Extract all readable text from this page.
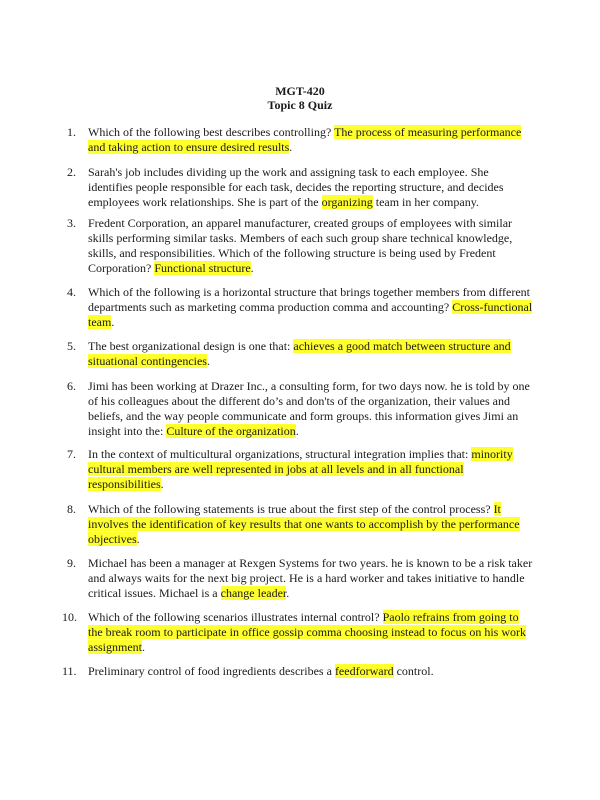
MGT-420
Topic 8 Quiz
1. Which of the following best describes controlling? The process of measuring performance and taking action to ensure desired results.
2. Sarah's job includes dividing up the work and assigning task to each employee. She identifies people responsible for each task, decides the reporting structure, and decides employees work relationships. She is part of the organizing team in her company.
3. Fredent Corporation, an apparel manufacturer, created groups of employees with similar skills performing similar tasks. Members of each such group share technical knowledge, skills, and responsibilities. Which of the following structure is being used by Fredent Corporation? Functional structure.
4. Which of the following is a horizontal structure that brings together members from different departments such as marketing comma production comma and accounting? Cross-functional team.
5. The best organizational design is one that: achieves a good match between structure and situational contingencies.
6. Jimi has been working at Drazer Inc., a consulting form, for two days now. he is told by one of his colleagues about the different do’s and don'ts of the organization, their values and beliefs, and the way people communicate and form groups. this information gives Jimi an insight into the: Culture of the organization.
7. In the context of multicultural organizations, structural integration implies that: minority cultural members are well represented in jobs at all levels and in all functional responsibilities.
8. Which of the following statements is true about the first step of the control process? It involves the identification of key results that one wants to accomplish by the performance objectives.
9. Michael has been a manager at Rexgen Systems for two years. he is known to be a risk taker and always waits for the next big project. He is a hard worker and takes initiative to handle critical issues. Michael is a change leader.
10. Which of the following scenarios illustrates internal control? Paolo refrains from going to the break room to participate in office gossip comma choosing instead to focus on his work assignment.
11. Preliminary control of food ingredients describes a feedforward control.
